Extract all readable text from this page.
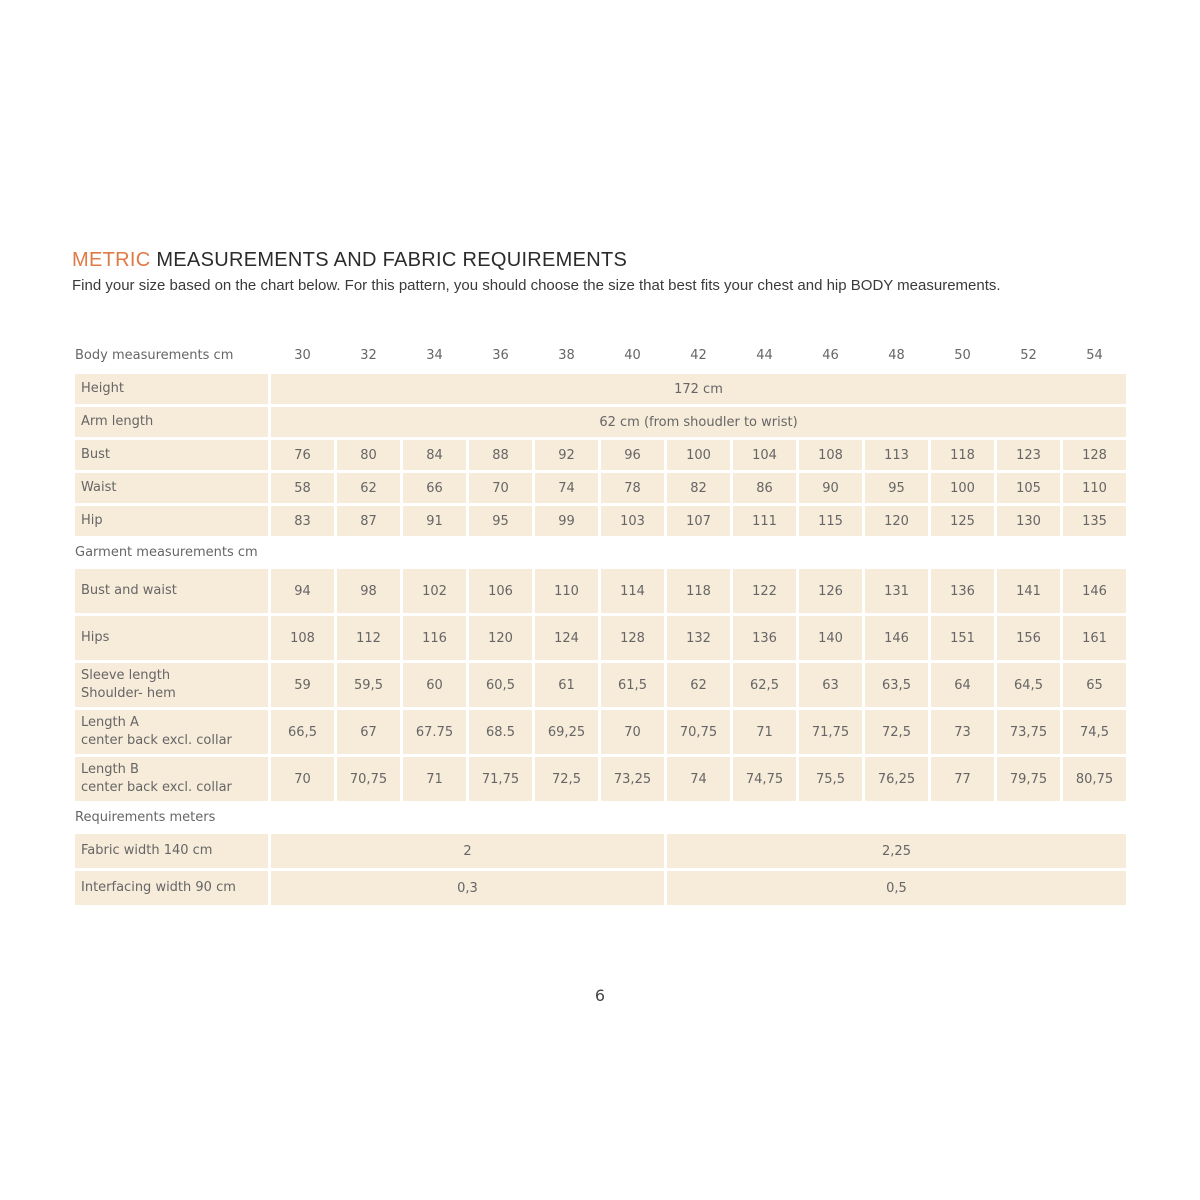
METRIC MEASUREMENTS AND FABRIC REQUIREMENTS

Find your size based on the chart below. For this pattern, you should choose the size that best fits your chest and hip BODY measurements.

Body measurements cm	30	32	34	36	38	40	42	44	46	48	50	52	54
Height	172 cm												
Arm length	62 cm (from shoudler to wrist)												
Bust	76	80	84	88	92	96	100	104	108	113	118	123	128
Waist	58	62	66	70	74	78	82	86	90	95	100	105	110
Hip	83	87	91	95	99	103	107	111	115	120	125	130	135
Garment measurements cm													

Bust and waist	94	98	102	106	110	114	118	122	126	131	136	141	146

Hips	108	112	116	120	124	128	132	136	140	146	151	156	161

Sleeve length
Shoulder- hem	59	59,5	60	60,5	61	61,5	62	62,5	63	63,5	64	64,5	65

Length A
center back excl. collar	66,5	67	67.75	68.5	69,25	70	70,75	71	71,75	72,5	73	73,75	74,5

Length B
center back excl. collar	70	70,75	71	71,75	72,5	73,25	74	74,75	75,5	76,25	77	79,75	80,75
Requirements meters													
Fabric width 140 cm	2						2,25						
Interfacing width 90 cm	0,3						0,5						
6
